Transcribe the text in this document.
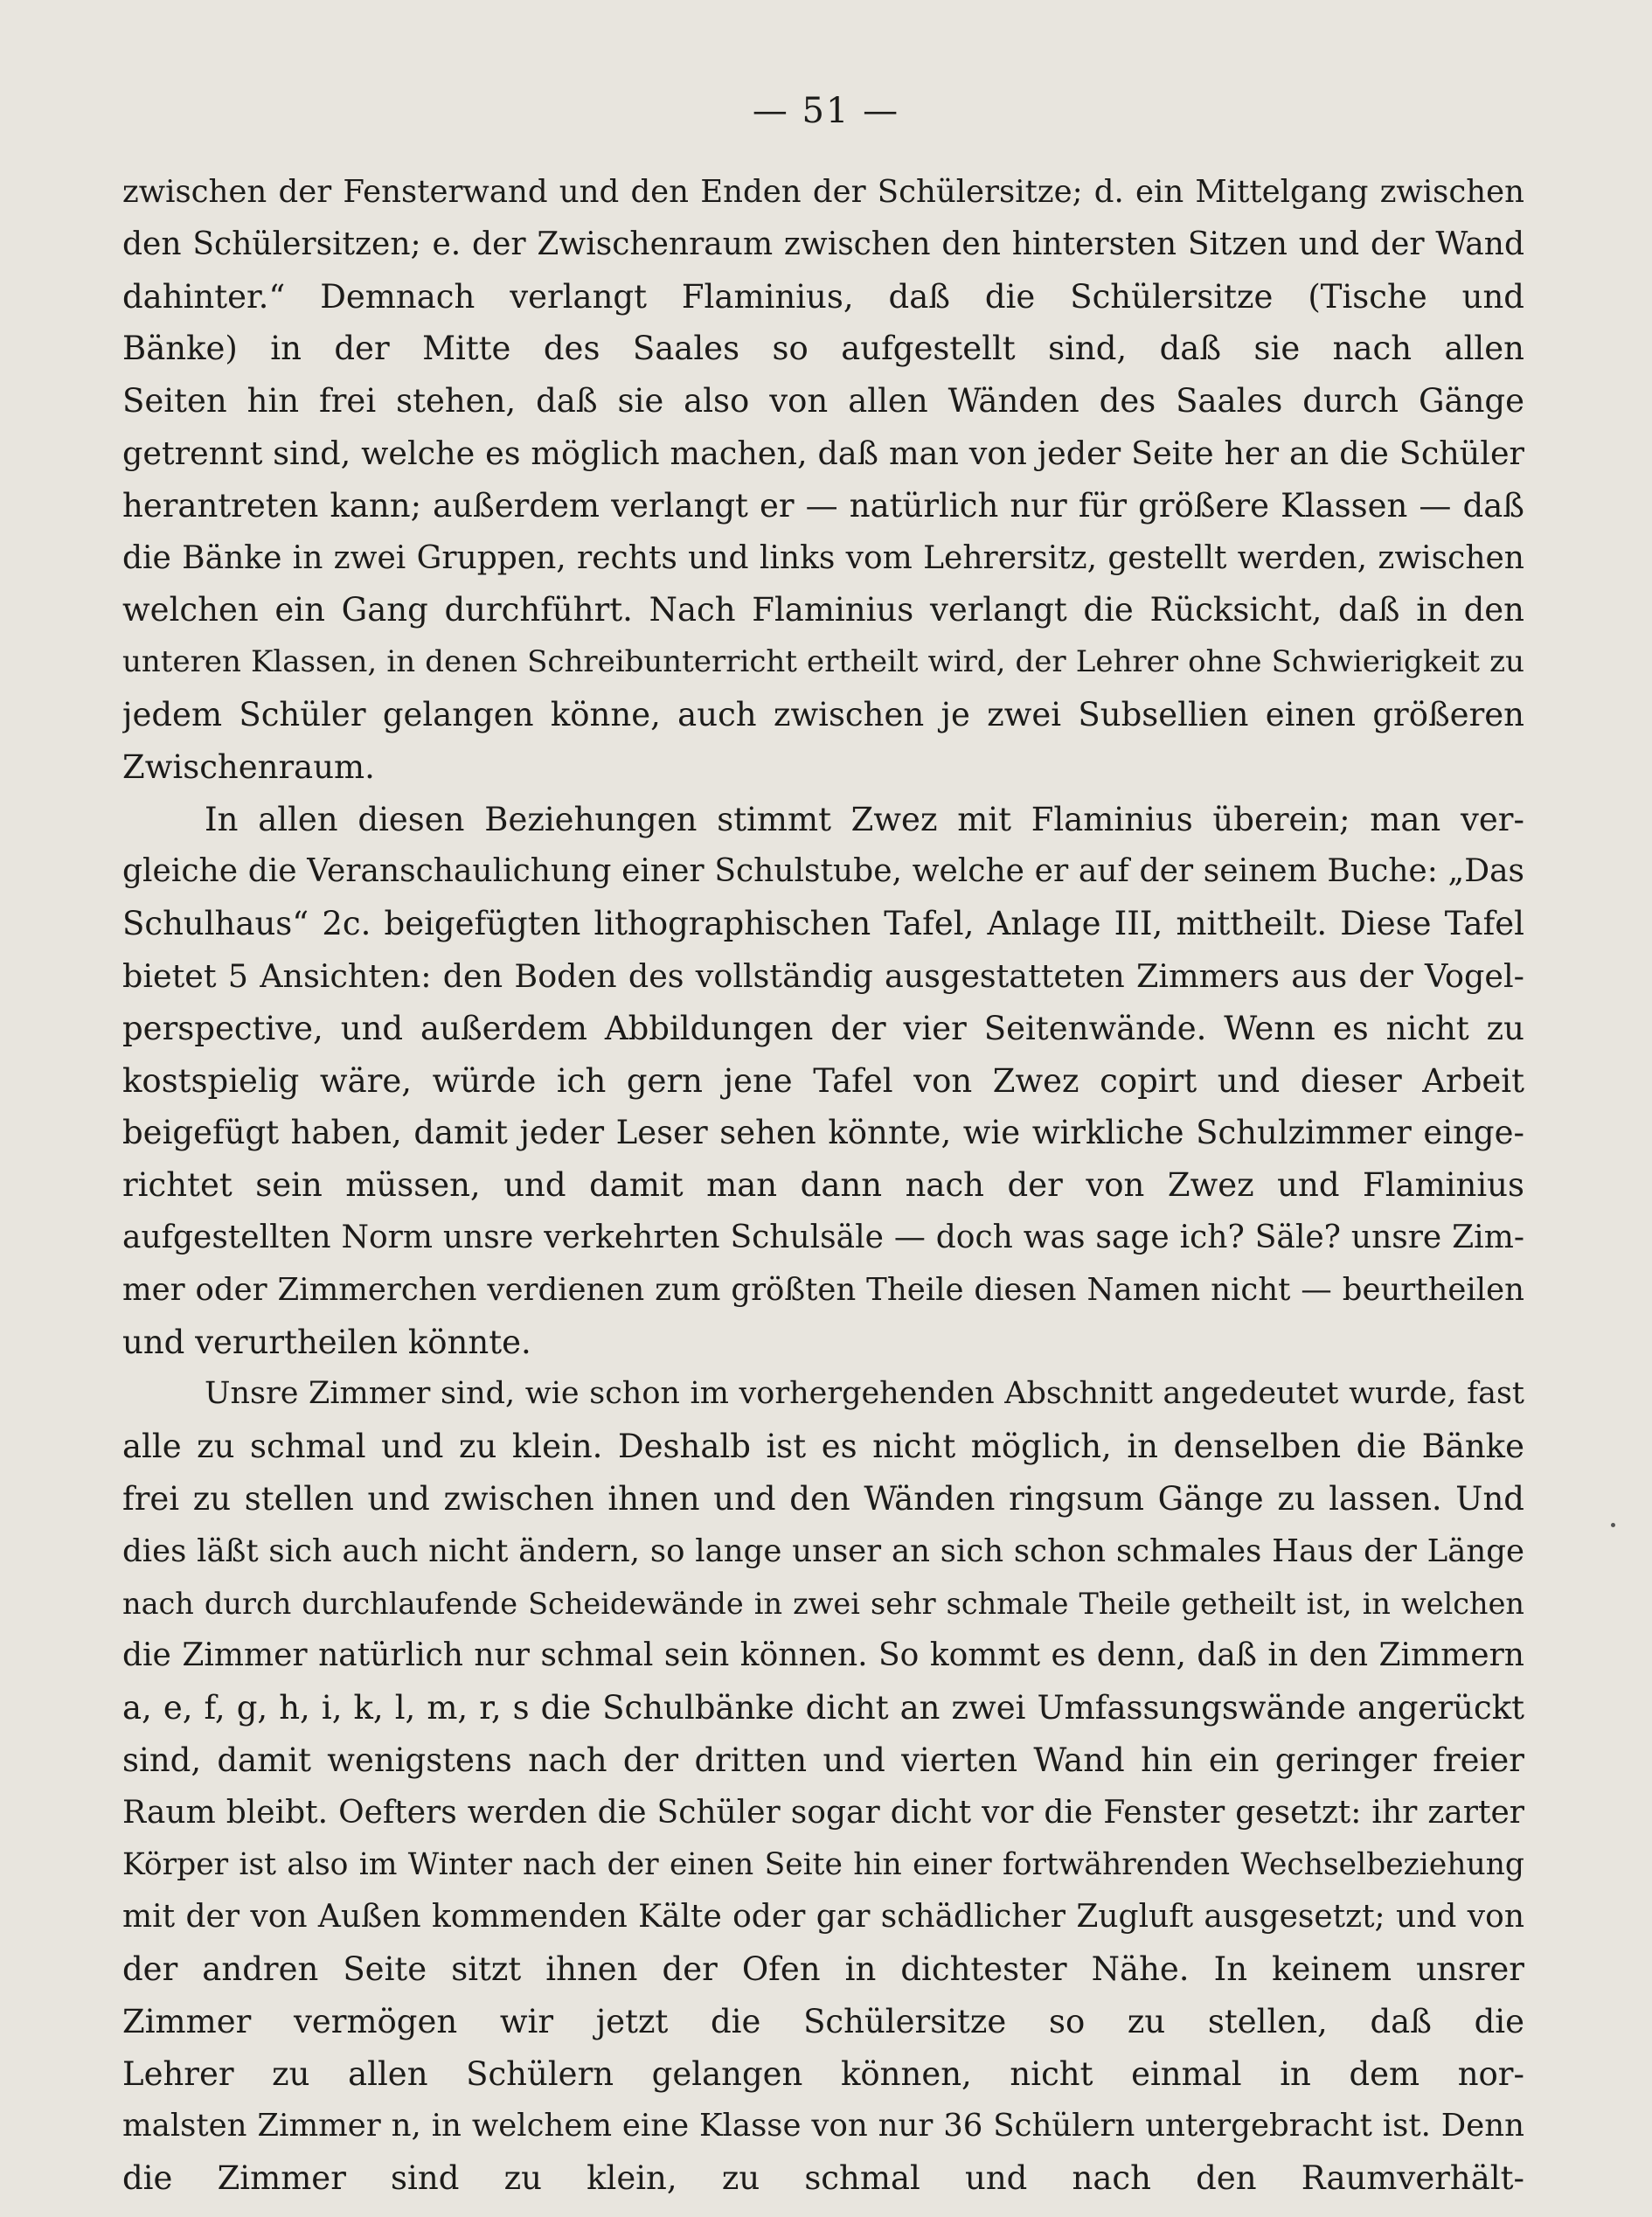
— 51 —
zwischen der Fensterwand und den Enden der Schülersitze; d. ein Mittelgang zwischen
den Schülersitzen; e. der Zwischenraum zwischen den hintersten Sitzen und der Wand
dahinter.“ Demnach verlangt Flaminius, daß die Schülersitze (Tische und
Bänke) in der Mitte des Saales so aufgestellt sind, daß sie nach allen
Seiten hin frei stehen, daß sie also von allen Wänden des Saales durch Gänge
getrennt sind, welche es möglich machen, daß man von jeder Seite her an die Schüler
herantreten kann; außerdem verlangt er — natürlich nur für größere Klassen — daß
die Bänke in zwei Gruppen, rechts und links vom Lehrersitz, gestellt werden, zwischen
welchen ein Gang durchführt. Nach Flaminius verlangt die Rücksicht, daß in den
unteren Klassen, in denen Schreibunterricht ertheilt wird, der Lehrer ohne Schwierigkeit zu
jedem Schüler gelangen könne, auch zwischen je zwei Subsellien einen größeren
Zwischenraum.
In allen diesen Beziehungen stimmt Zwez mit Flaminius überein; man ver-
gleiche die Veranschaulichung einer Schulstube, welche er auf der seinem Buche: „Das
Schulhaus“ 2c. beigefügten lithographischen Tafel, Anlage III, mittheilt. Diese Tafel
bietet 5 Ansichten: den Boden des vollständig ausgestatteten Zimmers aus der Vogel-
perspective, und außerdem Abbildungen der vier Seitenwände. Wenn es nicht zu
kostspielig wäre, würde ich gern jene Tafel von Zwez copirt und dieser Arbeit
beigefügt haben, damit jeder Leser sehen könnte, wie wirkliche Schulzimmer einge-
richtet sein müssen, und damit man dann nach der von Zwez und Flaminius
aufgestellten Norm unsre verkehrten Schulsäle — doch was sage ich? Säle? unsre Zim-
mer oder Zimmerchen verdienen zum größten Theile diesen Namen nicht — beurtheilen
und verurtheilen könnte.
Unsre Zimmer sind, wie schon im vorhergehenden Abschnitt angedeutet wurde, fast
alle zu schmal und zu klein. Deshalb ist es nicht möglich, in denselben die Bänke
frei zu stellen und zwischen ihnen und den Wänden ringsum Gänge zu lassen. Und
dies läßt sich auch nicht ändern, so lange unser an sich schon schmales Haus der Länge
nach durch durchlaufende Scheidewände in zwei sehr schmale Theile getheilt ist, in welchen
die Zimmer natürlich nur schmal sein können. So kommt es denn, daß in den Zimmern
a, e, f, g, h, i, k, l, m, r, s die Schulbänke dicht an zwei Umfassungswände angerückt
sind, damit wenigstens nach der dritten und vierten Wand hin ein geringer freier
Raum bleibt. Oefters werden die Schüler sogar dicht vor die Fenster gesetzt: ihr zarter
Körper ist also im Winter nach der einen Seite hin einer fortwährenden Wechselbeziehung
mit der von Außen kommenden Kälte oder gar schädlicher Zugluft ausgesetzt; und von
der andren Seite sitzt ihnen der Ofen in dichtester Nähe. In keinem unsrer
Zimmer vermögen wir jetzt die Schülersitze so zu stellen, daß die
Lehrer zu allen Schülern gelangen können, nicht einmal in dem nor-
malsten Zimmer n, in welchem eine Klasse von nur 36 Schülern untergebracht ist. Denn
die Zimmer sind zu klein, zu schmal und nach den Raumverhält-
